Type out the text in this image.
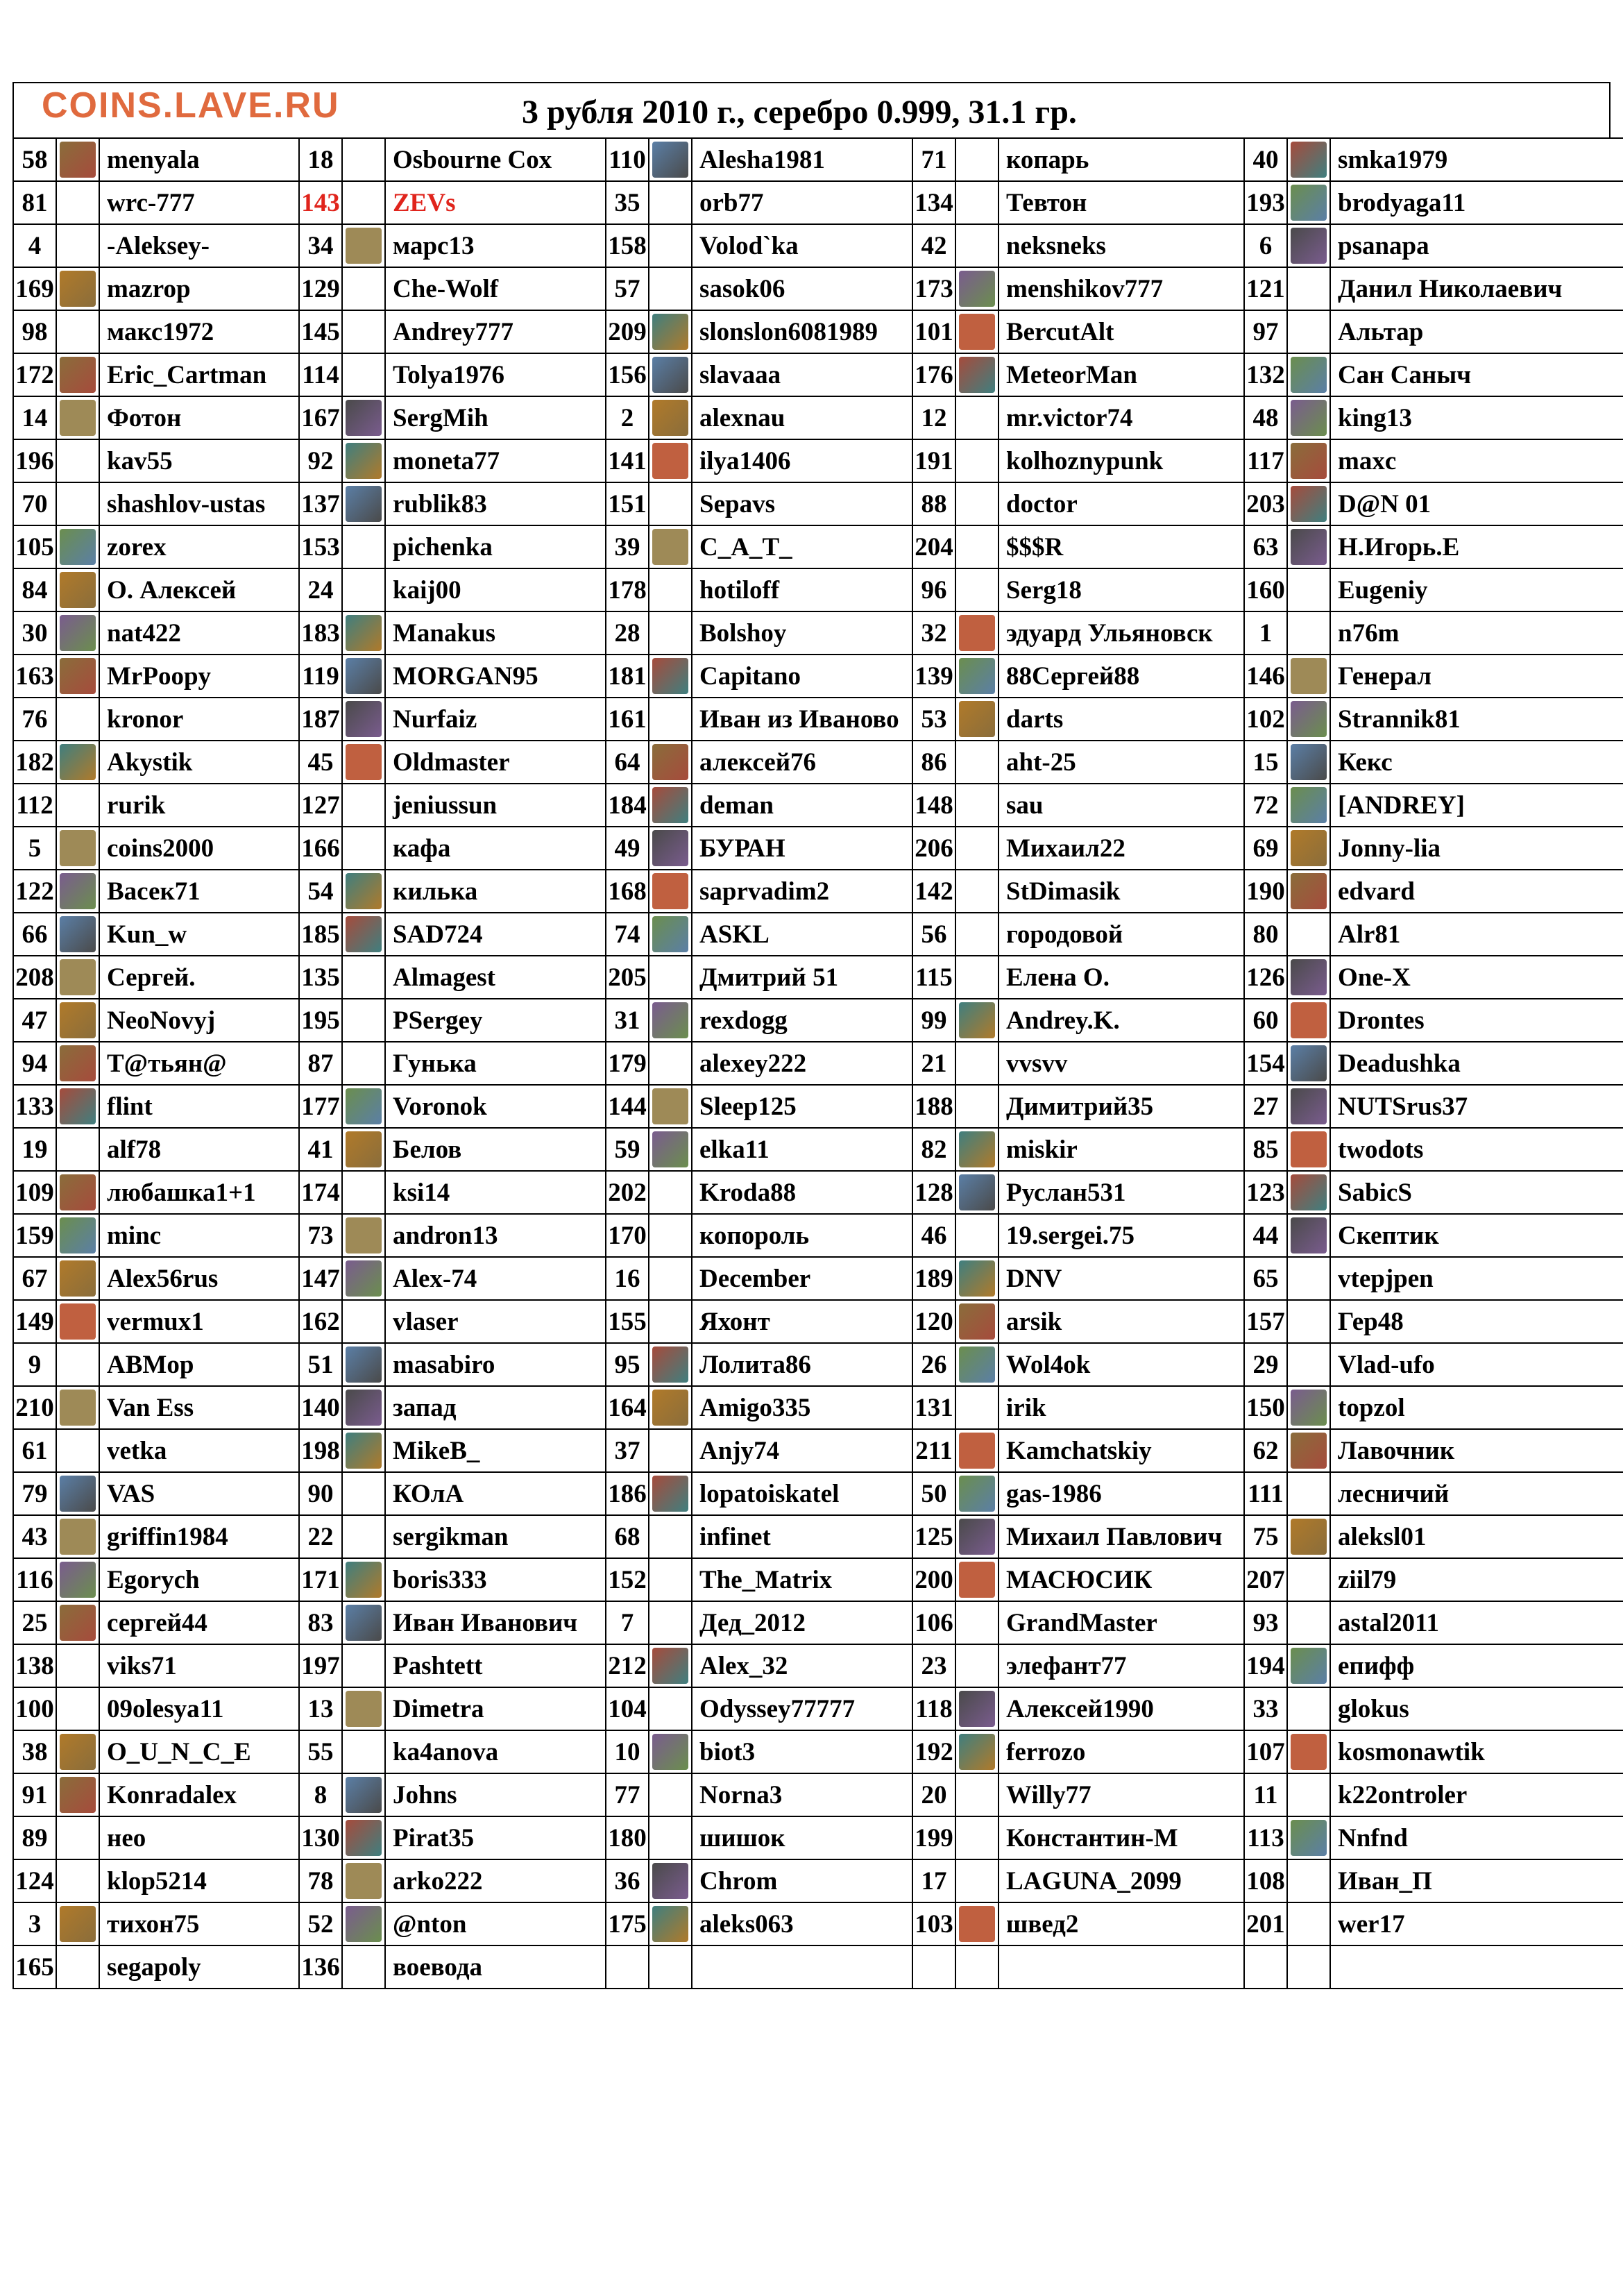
COINS.LAVE.RU	3 рубля 2010 г., серебро 0.999, 31.1 гр.
58		menyala	18		Osbourne Cox	110		Alesha1981	71		копарь	40		smka1979
81		wrc-777	143		ZEVs	35		orb77	134		Тевтон	193		brodyaga11
4		-Aleksey-	34		марс13	158		Volod`ka	42		neksneks	6		psanapa
169		mazrop	129		Che-Wolf	57		sasok06	173		menshikov777	121		Данил Николаевич
98		макс1972	145		Andrey777	209		slonslon6081989	101		BercutAlt	97		Альтар
172		Eric_Cartman	114		Tolya1976	156		slavaaa	176		MeteorMan	132		Сан Саныч
14		Фотон	167		SergMih	2		alexnau	12		mr.victor74	48		king13
196		kav55	92		moneta77	141		ilya1406	191		kolhoznypunk	117		maxc
70		shashlov-ustas	137		rublik83	151		Sepavs	88		doctor	203		D@N 01
105		zorex	153		pichenka	39		C_A_T_	204		$$$R	63		Н.Игорь.Е
84		О. Алексей	24		kaij00	178		hotiloff	96		Serg18	160		Eugeniy
30		nat422	183		Manakus	28		Bolshoy	32		эдуард Ульяновск	1		n76m
163		MrPoopy	119		MORGAN95	181		Capitano	139		88Сергей88	146		Генерал
76		kronor	187		Nurfaiz	161		Иван из Иваново	53		darts	102		Strannik81
182		Akystik	45		Oldmaster	64		алексей76	86		aht-25	15		Кекс
112		rurik	127		jeniussun	184		deman	148		sau	72		[ANDREY]
5		coins2000	166		кафа	49		БУРАН	206		Михаил22	69		Jonny-lia
122		Васек71	54		килька	168		saprvadim2	142		StDimasik	190		edvard
66		Kun_w	185		SAD724	74		ASKL	56		городовой	80		Alr81
208		Сергей.	135		Almagest	205		Дмитрий 51	115		Елена О.	126		One-X
47		NeoNovyj	195		PSergey	31		rexdogg	99		Andrey.K.	60		Drontes
94		T@тьян@	87		Гунька	179		alexey222	21		vvsvv	154		Deadushka
133		flint	177		Voronok	144		Sleep125	188		Димитрий35	27		NUTSrus37
19		alf78	41		Белов	59		elka11	82		miskir	85		twodots
109		любашка1+1	174		ksi14	202		Kroda88	128		Руслан531	123		SabicS
159		minc	73		andron13	170		копороль	46		19.sergei.75	44		Скептик
67		Alex56rus	147		Alex-74	16		December	189		DNV	65		vtepjpen
149		vermux1	162		vlaser	155		Яхонт	120		arsik	157		Гер48
9		ABMop	51		masabiro	95		Лолита86	26		Wol4ok	29		Vlad-ufo
210		Van Ess	140		запад	164		Amigo335	131		irik	150		topzol
61		vetka	198		MikeB_	37		Anjy74	211		Kamchatskiy	62		Лавочник
79		VAS	90		КОлА	186		lopatoiskatel	50		gas-1986	111		лесничий
43		griffin1984	22		sergikman	68		infinet	125		Михаил Павлович	75		aleksl01
116		Egorych	171		boris333	152		The_Matrix	200		МАСЮСИК	207		ziil79
25		сергей44	83		Иван Иванович	7		Дед_2012	106		GrandMaster	93		astal2011
138		viks71	197		Pashtett	212		Alex_32	23		элефант77	194		епифф
100		09olesya11	13		Dimetra	104		Odyssey77777	118		Алексей1990	33		glokus
38		O_U_N_C_E	55		ka4anova	10		biot3	192		ferrozo	107		kosmonawtik
91		Konradalex	8		Johns	77		Norna3	20		Willy77	11		k22ontroler
89		нео	130		Pirat35	180		шишок	199		Константин-М	113		Nnfnd
124		klop5214	78		arko222	36		Chrom	17		LAGUNA_2099	108		Иван_П
3		тихон75	52		@nton	175		aleks063	103		швед2	201		wer17
165		segapoly	136		воевода									
